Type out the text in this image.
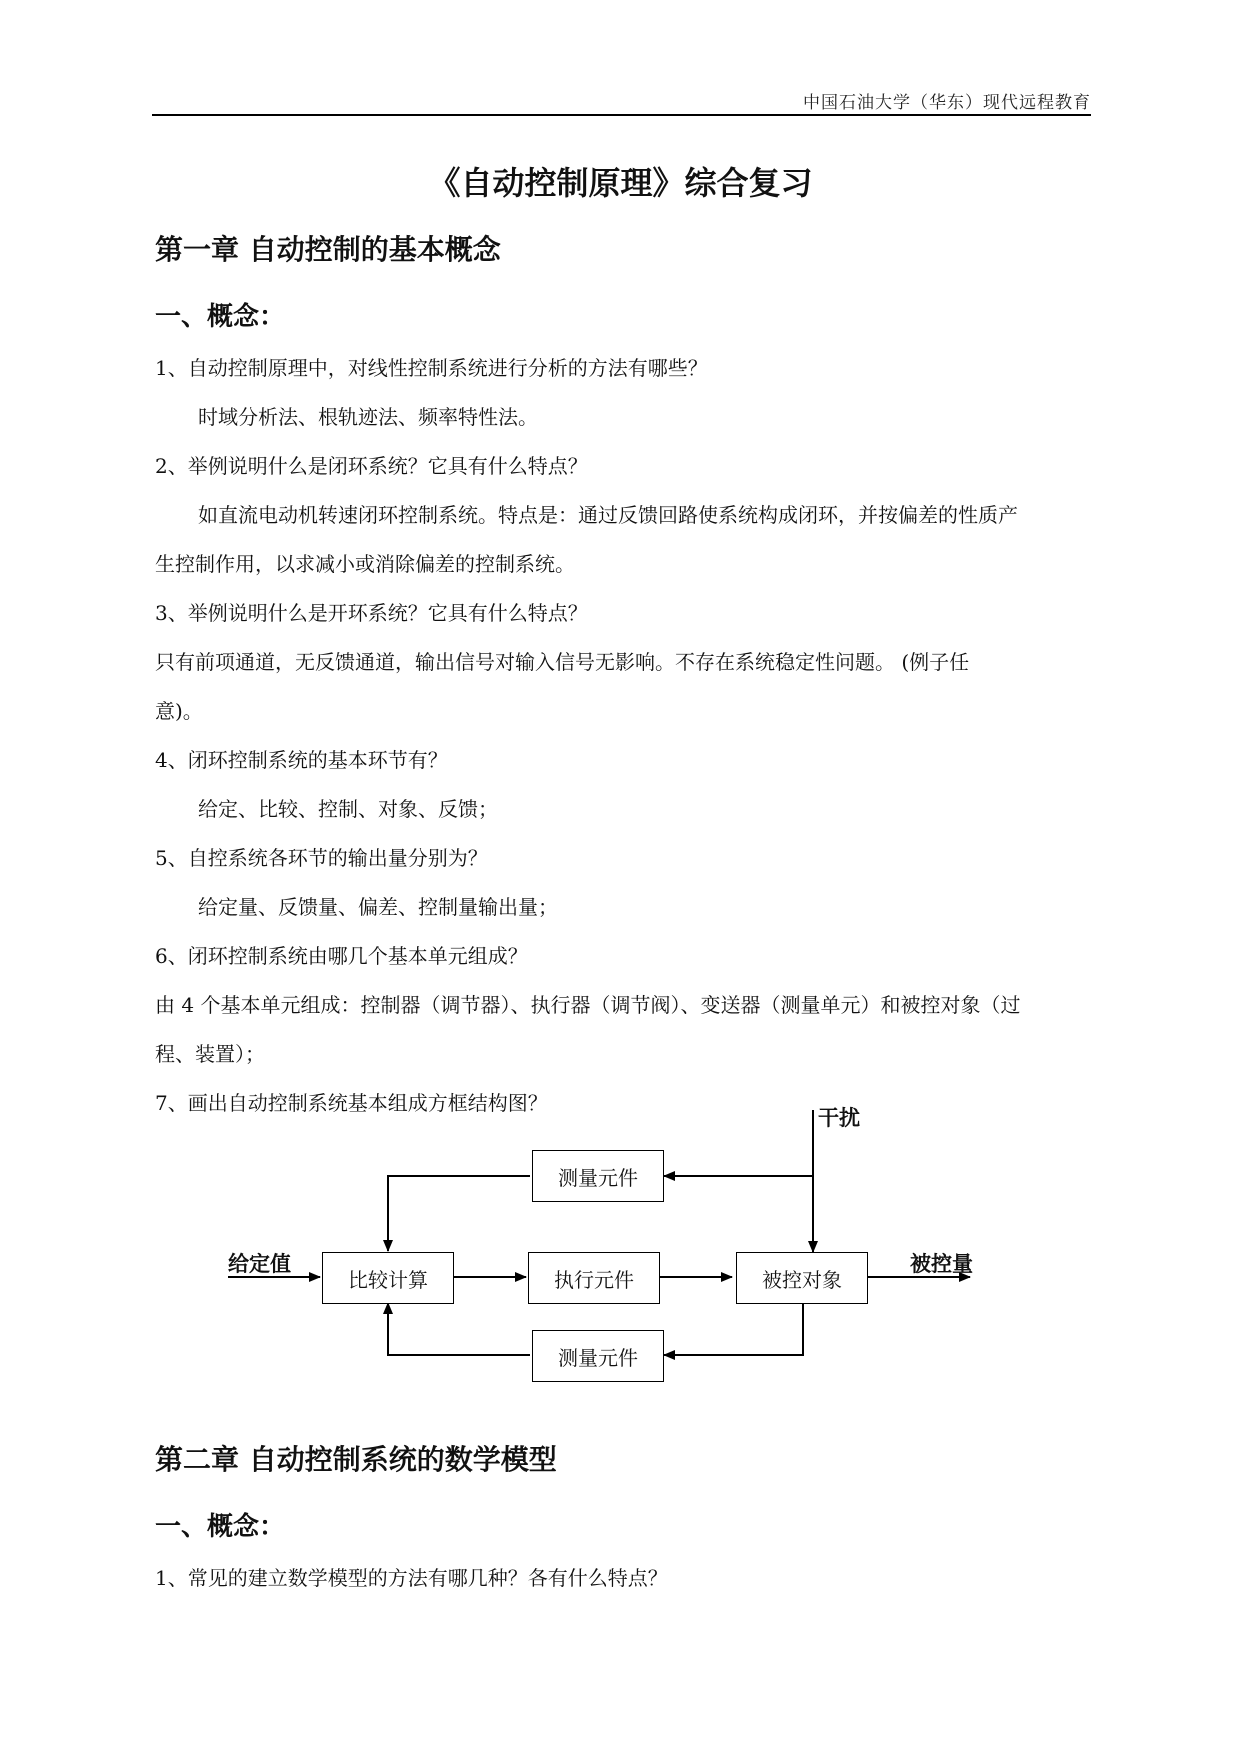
中国石油大学（华东）现代远程教育
《自动控制原理》综合复习
第一章 自动控制的基本概念
一、概念：
1、自动控制原理中，对线性控制系统进行分析的方法有哪些？
时域分析法、根轨迹法、频率特性法。
2、举例说明什么是闭环系统？它具有什么特点？
如直流电动机转速闭环控制系统。特点是：通过反馈回路使系统构成闭环，并按偏差的性质产
生控制作用，以求减小或消除偏差的控制系统。
3、举例说明什么是开环系统？它具有什么特点？
只有前项通道，无反馈通道，输出信号对输入信号无影响。不存在系统稳定性问题。 (例子任
意)。
4、闭环控制系统的基本环节有？
给定、比较、控制、对象、反馈；
5、自控系统各环节的输出量分别为？
给定量、反馈量、偏差、控制量输出量；
6、闭环控制系统由哪几个基本单元组成？
由 4 个基本单元组成：控制器（调节器）、执行器（调节阀）、变送器（测量单元）和被控对象（过
程、装置）；
7、画出自动控制系统基本组成方框结构图？
干扰
给定值	被控量
测量元件
比较计算	执行元件	被控对象
测量元件
第二章 自动控制系统的数学模型
一、概念：
1、常见的建立数学模型的方法有哪几种？各有什么特点？
